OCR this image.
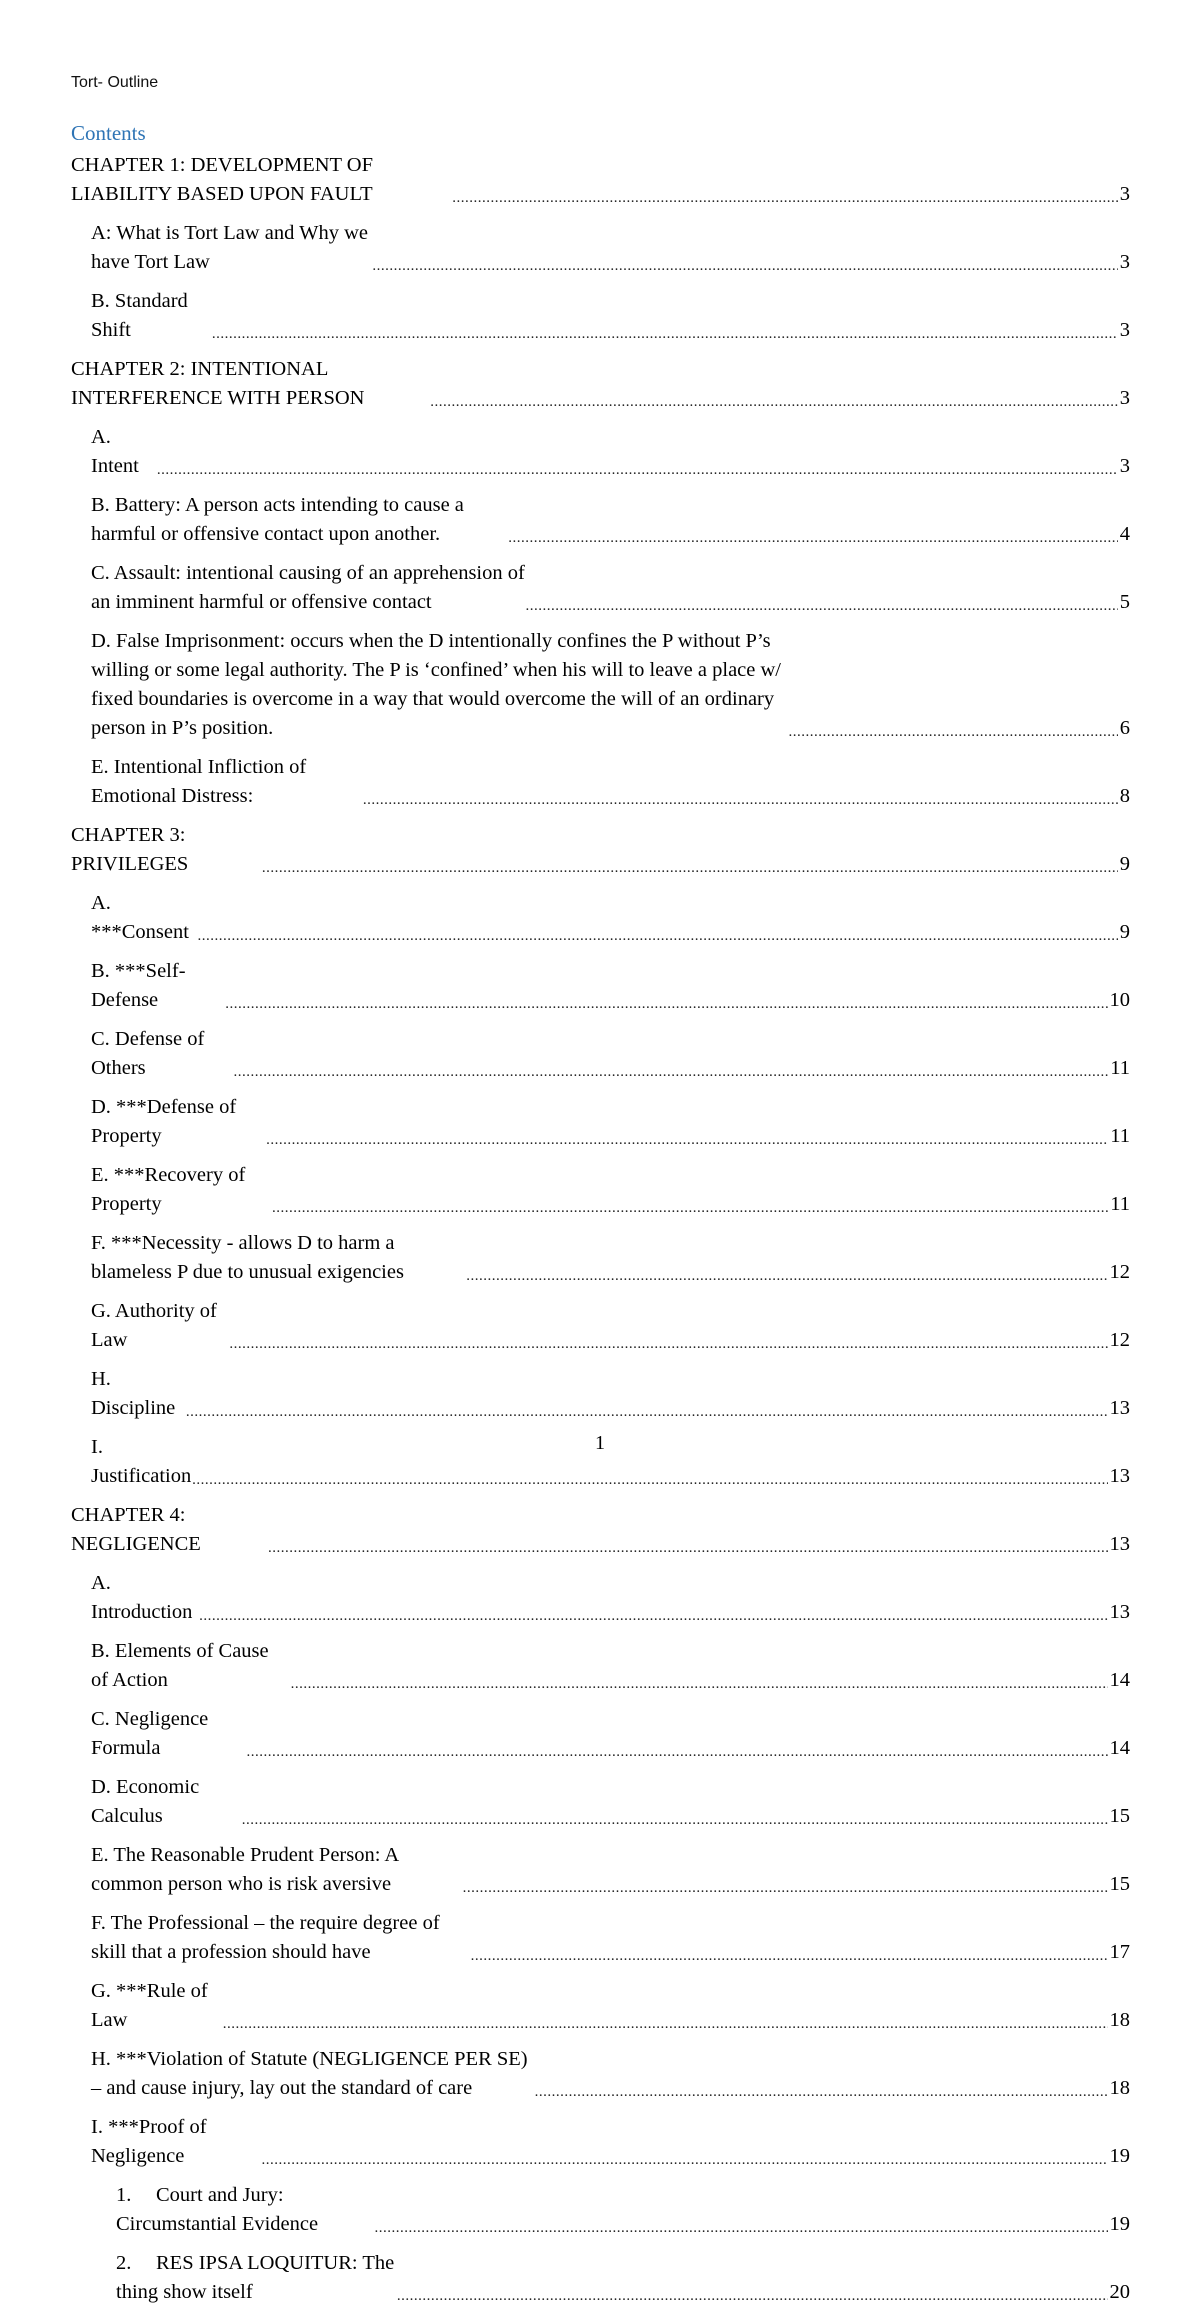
Tort- Outline
Contents
CHAPTER 1: DEVELOPMENT OF LIABILITY BASED UPON FAULT .....	3
A: What is Tort Law and Why we have Tort Law .....	3
B. Standard Shift .....	3
CHAPTER 2: INTENTIONAL INTERFERENCE WITH PERSON .....	3
A. Intent .....	3
B. Battery: A person acts intending to cause a harmful or offensive contact upon another. .....	4
C. Assault: intentional causing of an apprehension of an imminent harmful or offensive contact .....	5
D. False Imprisonment: occurs when the D intentionally confines the P without P’s willing or some legal authority. The P is ‘confined’ when his will to leave a place w/ fixed boundaries is overcome in a way that would overcome the will of an ordinary person in P’s position. .....	6
E. Intentional Infliction of Emotional Distress: .....	8
CHAPTER 3: PRIVILEGES .....	9
A. ***Consent .....	9
B. ***Self-Defense .....	10
C. Defense of Others .....	11
D. ***Defense of Property .....	11
E. ***Recovery of Property .....	11
F. ***Necessity - allows D to harm a blameless P due to unusual exigencies .....	12
G. Authority of Law .....	12
H. Discipline .....	13
I. Justification .....	13
CHAPTER 4: NEGLIGENCE .....	13
A. Introduction .....	13
B. Elements of Cause of Action .....	14
C. Negligence Formula .....	14
D. Economic Calculus .....	15
E. The Reasonable Prudent Person: A common person who is risk aversive .....	15
F. The Professional – the require degree of skill that a profession should have .....	17
G. ***Rule of Law .....	18
H. ***Violation of Statute (NEGLIGENCE PER SE) – and cause injury, lay out the standard of care .....	18
I. ***Proof of Negligence .....	19
1. Court and Jury: Circumstantial Evidence .....	19
2. RES IPSA LOQUITUR: The thing show itself .....	20
1
